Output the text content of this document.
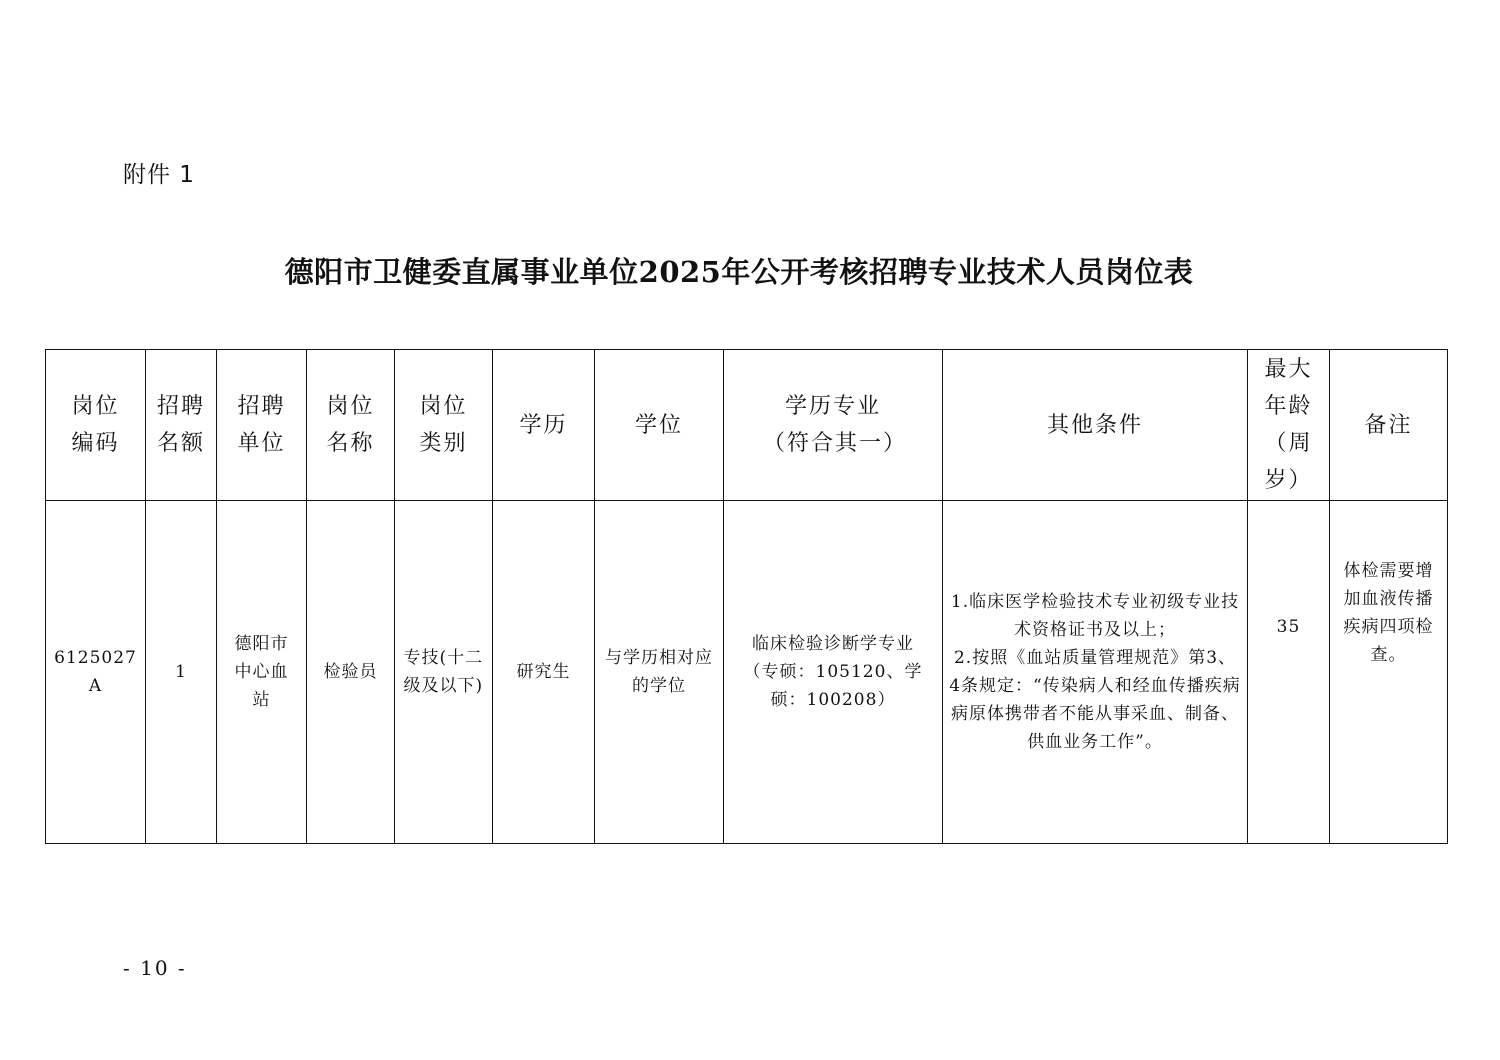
附件 1
德阳市卫健委直属事业单位2025年公开考核招聘专业技术人员岗位表
岗位编码	招聘名额	招聘单位	岗位名称	岗位类别	学历	学位	学历专业（符合其一）	其他条件	最大年龄（周岁）	备注

6125027A	1	德阳市中心血站	检验员	专技(十二级及以下)	研究生	与学历相对应的学位	临床检验诊断学专业（专硕：105120、学硕：100208）	1.临床医学检验技术专业初级专业技术资格证书及以上；
2.按照《血站质量管理规范》第3、4条规定：“传染病人和经血传播疾病病原体携带者不能从事采血、制备、供血业务工作”。	35	体检需要增加血液传播疾病四项检查。
- 10 -
